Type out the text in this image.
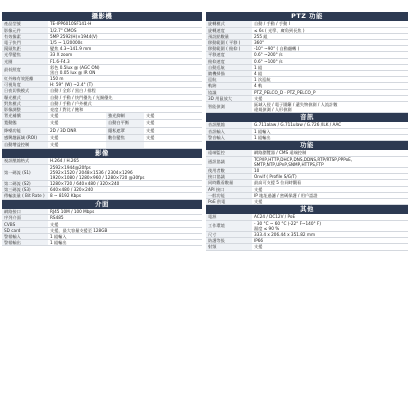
攝影機
產品型號	TE-IPP6010SF141-H
影像元件	1/2.7" CMOS
有效像素	5MP 2592(H)×1944(V)
電子快門	1/5 ~ 1/20000s
鏡頭焦距	變焦 4.3~141.9 mm
光學變焦	33 X zoom
光圈	F1.6-F4.3
最低照度	彩色 0.5lux @ (AGC ON)
黑白 0.05 lux @ IR ON
紅外線有效距離	150 m
可視角度	H: 59° (W) ~2.4° (T)
日夜切換模式	自動 / 全彩 / 黑白 / 排程
曝光模式	自動 / 手動 / 快門優先 / 光圈優先
對焦模式	自動 / 手動 / 戶外模式
影像調整	亮度 / 對比 / 飽和
背光補償	支援	強光抑制	支援
寬動態	支援	自動白平衡	支援
降噪功能	2D / 3D DNR	隱私遮罩	支援
感興趣區域 (ROI)	支援	數位變焦	支援
自動增益控制	支援
影像
視訊壓縮格式	H.264 / H.265
第一碼流 (S1)	2592×1944@20fps
2592×1520 / 2048×1536 / 2304×1296
1920×1080 / 1280×960 / 1280×720 @30fps
第二碼流 (S2)	1280×720 / 640×480 / 320×240
第三碼流 (S3)	640×480 / 320×240
傳輸流量 ( Bit Rate )	8 ~ 8192 Kbps
介面
網路接口	RJ45 10M / 100 Mbps
序列介面	RS485
CVBS	支援
SD card	支援，最大容量支援至 128GB
警報輸入	1 組輸入
警報輸出	1 組輸出
PTZ 功能
旋轉模式	自動 / 手動 / 手動 I
旋轉速度	≤ 6s ( 光學、廣角到長焦 )
預設點數量	255 組
移動範圍 ( 平移 )	360°
移動範圍 ( 俯仰 )	-10° ~90° ( 自動翻轉 )
平移速度	0.6° ~200° /s
俯仰速度	0.6° ~100° /s
自動巡航	1 組
隨機掃描	4 組
巡航	1 次巡航
軌跡	4 軌
協議	PTZ_PELCO_D · PTZ_PELCO_P
3D 用鼠放大	支援
智能偵測	區域入侵 / 電子圍籬 / 遺失物偵測 / 人流計數
違規偵測 / 人形偵測
音訊
音訊壓縮	G.711alaw / G.711ulaw / G.726 /ILK / AAC
音訊輸入	1 組輸入
警音輸入	1 組輸出
功能
遠端監控	網路瀏覽器 / CMS 遠端控制
通訊協議	TCP/IP,HTTP,DHCP,DNS,DDNS,RTP/RTSP,PPPoE,
SMTP,NTP,UPnP,SNMP,HTTPS,FTP
使用者數	10
接口協議	Onvif ( Profile S/G/T)
同時觀看數量	最高可支援 5 位同時觀看
API 接口	支援
一般功能	IP 地址過濾 / 密碼保護 / 用戶認證
PoE 供電	支援
其他
電源	AC24 / DC12V / PoE
工作環境	- 30 °C ~ 60 °C (-22° F~140° F)
濕度 ≤ 90 %
尺寸	333.4 x 206.44 x 351.82 mm
防護等級	IP66
射頻	支援
